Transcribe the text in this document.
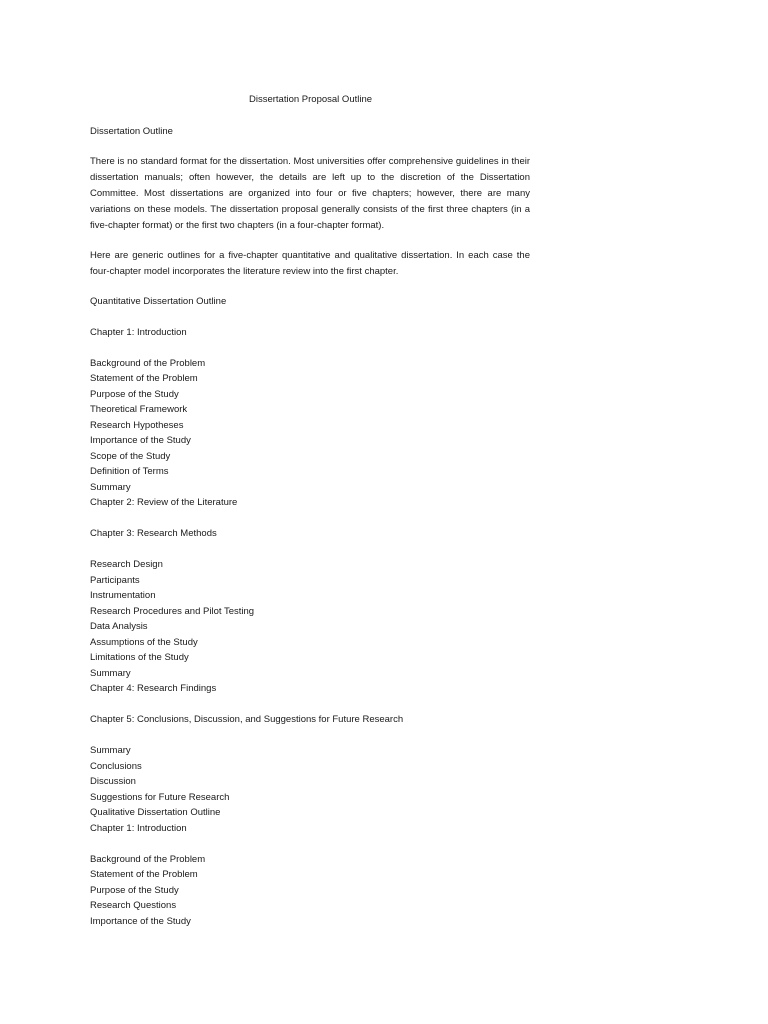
Dissertation Proposal Outline
Dissertation Outline
There is no standard format for the dissertation. Most universities offer comprehensive guidelines in their dissertation manuals; often however, the details are left up to the discretion of the Dissertation Committee. Most dissertations are organized into four or five chapters; however, there are many variations on these models. The dissertation proposal generally consists of the first three chapters (in a five-chapter format) or the first two chapters (in a four-chapter format).
Here are generic outlines for a five-chapter quantitative and qualitative dissertation. In each case the four-chapter model incorporates the literature review into the first chapter.
Quantitative Dissertation Outline
Chapter 1: Introduction
Background of the Problem
Statement of the Problem
Purpose of the Study
Theoretical Framework
Research Hypotheses
Importance of the Study
Scope of the Study
Definition of Terms
Summary
Chapter 2: Review of the Literature
Chapter 3: Research Methods
Research Design
Participants
Instrumentation
Research Procedures and Pilot Testing
Data Analysis
Assumptions of the Study
Limitations of the Study
Summary
Chapter 4: Research Findings
Chapter 5: Conclusions, Discussion, and Suggestions for Future Research
Summary
Conclusions
Discussion
Suggestions for Future Research
Qualitative Dissertation Outline
Chapter 1: Introduction
Background of the Problem
Statement of the Problem
Purpose of the Study
Research Questions
Importance of the Study
